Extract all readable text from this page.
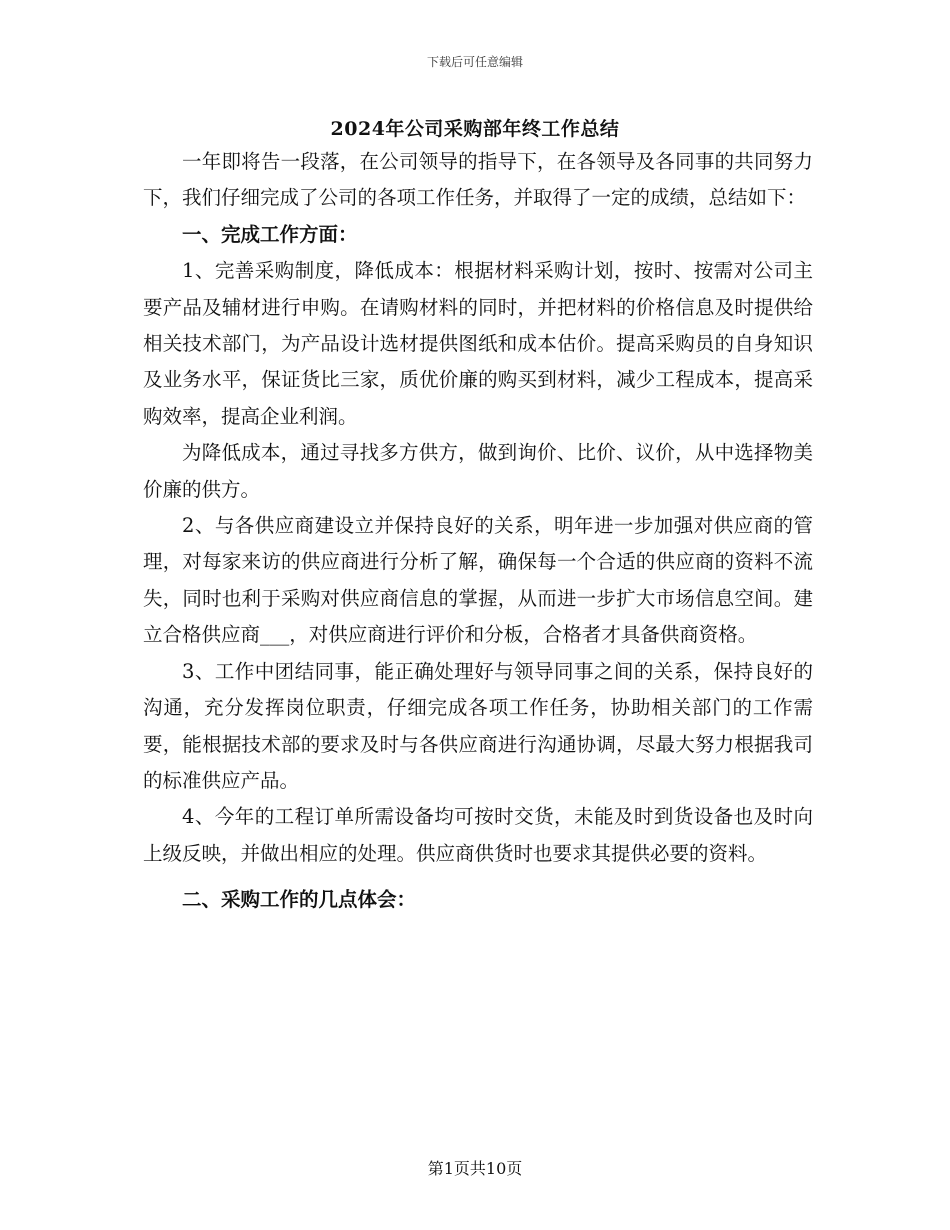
下载后可任意编辑
2024年公司采购部年终工作总结

一年即将告一段落，在公司领导的指导下，在各领导及各同事的共同努力下，我们仔细完成了公司的各项工作任务，并取得了一定的成绩，总结如下：

一、完成工作方面：

1、完善采购制度，降低成本：根据材料采购计划，按时、按需对公司主要产品及辅材进行申购。在请购材料的同时，并把材料的价格信息及时提供给相关技术部门，为产品设计选材提供图纸和成本估价。提高采购员的自身知识及业务水平，保证货比三家，质优价廉的购买到材料，减少工程成本，提高采购效率，提高企业利润。

为降低成本，通过寻找多方供方，做到询价、比价、议价，从中选择物美价廉的供方。

2、与各供应商建设立并保持良好的关系，明年进一步加强对供应商的管理，对每家来访的供应商进行分析了解，确保每一个合适的供应商的资料不流失，同时也利于采购对供应商信息的掌握，从而进一步扩大市场信息空间。建立合格供应商___，对供应商进行评价和分板，合格者才具备供商资格。

3、工作中团结同事，能正确处理好与领导同事之间的关系，保持良好的沟通，充分发挥岗位职责，仔细完成各项工作任务，协助相关部门的工作需要，能根据技术部的要求及时与各供应商进行沟通协调，尽最大努力根据我司的标准供应产品。

4、今年的工程订单所需设备均可按时交货，未能及时到货设备也及时向上级反映，并做出相应的处理。供应商供货时也要求其提供必要的资料。

二、采购工作的几点体会：

第1页共10页
